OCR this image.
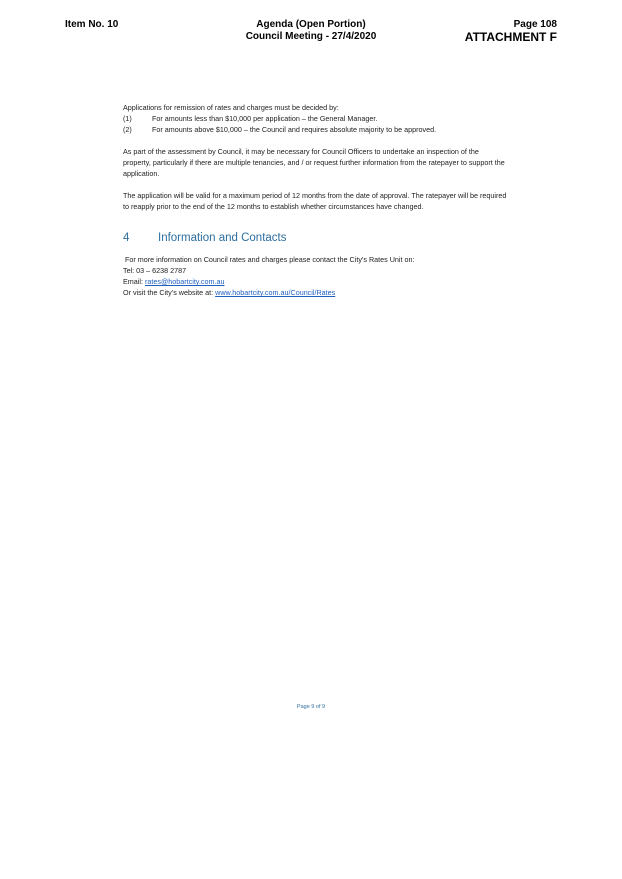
Item No. 10	Agenda (Open Portion)
Council Meeting - 27/4/2020
Page 108
ATTACHMENT F

Applications for remission of rates and charges must be decided by:

(1)	For amounts less than $10,000 per application – the General Manager.
(2)	For amounts above $10,000 – the Council and requires absolute majority to be approved.

As part of the assessment by Council, it may be necessary for Council Officers to undertake an inspection of the property, particularly if there are multiple tenancies, and / or request further information from the ratepayer to support the application.

The application will be valid for a maximum period of 12 months from the date of approval. The ratepayer will be required to reapply prior to the end of the 12 months to establish whether circumstances have changed.

4	Information and Contacts

For more information on Council rates and charges please contact the City’s Rates Unit on:

Tel: 03 – 6238 2787

Email: rates@hobartcity.com.au

Or visit the City’s website at: www.hobartcity.com.au/Council/Rates

Page 9 of 9
